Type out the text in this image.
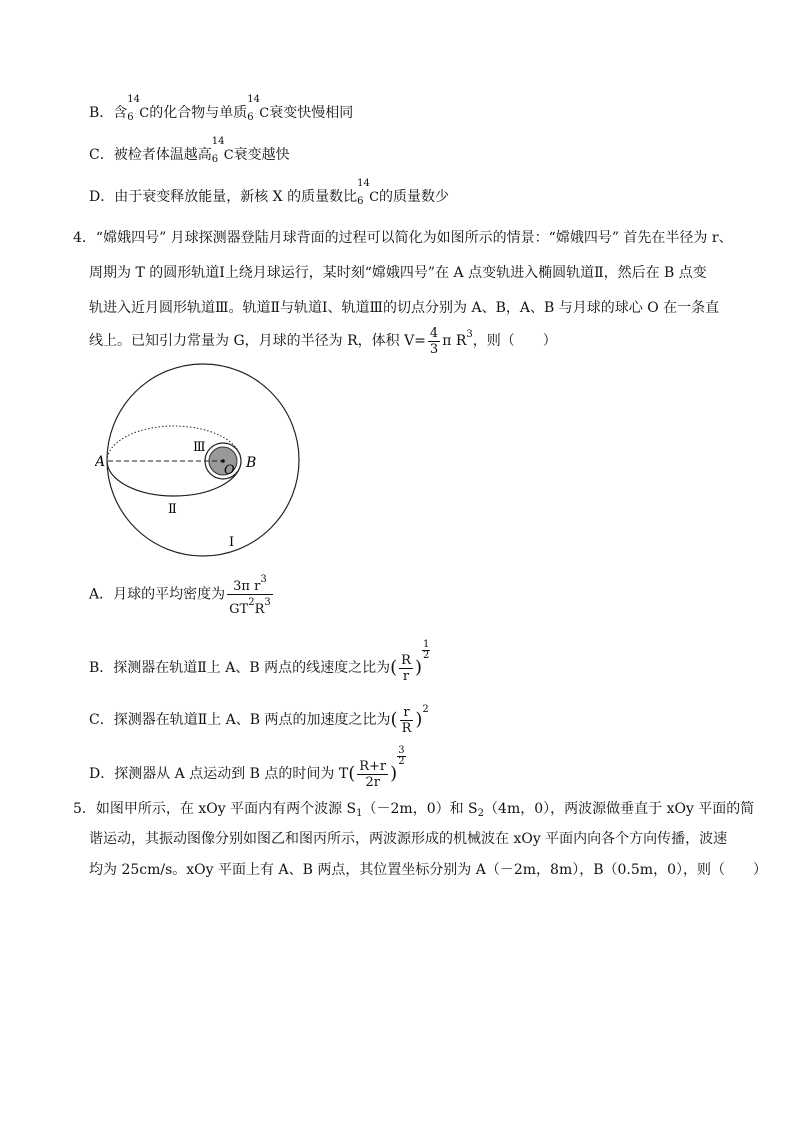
B．含
14
6 C的化合物与单质
14
6 C衰变快慢相同
C．被检者体温越高
14
6 C衰变越快
D．由于衰变释放能量，新核 X 的质量数比
14
6 C的质量数少
4．“嫦娥四号” 月球探测器登陆月球背面的过程可以简化为如图所示的情景：“嫦娥四号” 首先在半径为 r、
周期为 T 的圆形轨道Ⅰ上绕月球运行，某时刻“嫦娥四号”在 A 点变轨进入椭圆轨道Ⅱ，然后在 B 点变
轨进入近月圆形轨道Ⅲ。轨道Ⅱ与轨道Ⅰ、轨道Ⅲ的切点分别为 A、B，A、B 与月球的球心 O 在一条直
线上。已知引力常量为 G，月球的半径为 R，体积 $V= \frac{4}{3}$ π $R^3$，则（　　）
A	B
O
Ⅲ
Ⅱ
Ⅰ
A．月球的平均密度为 $\frac{3\pi r^3}{GT^2R^3}$
B．探测器在轨道Ⅱ上 A、B 两点的线速度之比为( $\frac{R}{r}$ )
$\frac{1}{2}$
C．探测器在轨道Ⅱ上 A、B 两点的加速度之比为( $\frac{r}{R} )^2$
D．探测器从 A 点运动到 B 点的时间为 $T( \frac{R+r}{2r}$ )
$\frac{3}{2}$
5．如图甲所示，在 xOy 平面内有两个波源 $S_1(-2m$，0）和 $S_2(4m$，0），两波源做垂直于 xOy 平面的简
谐运动，其振动图像分别如图乙和图丙所示，两波源形成的机械波在 xOy 平面内向各个方向传播，波速
均为 25cm/s。xOy 平面上有 A、B 两点，其位置坐标分别为 A（－2m，8m），B（0.5m，0），则（　　）
